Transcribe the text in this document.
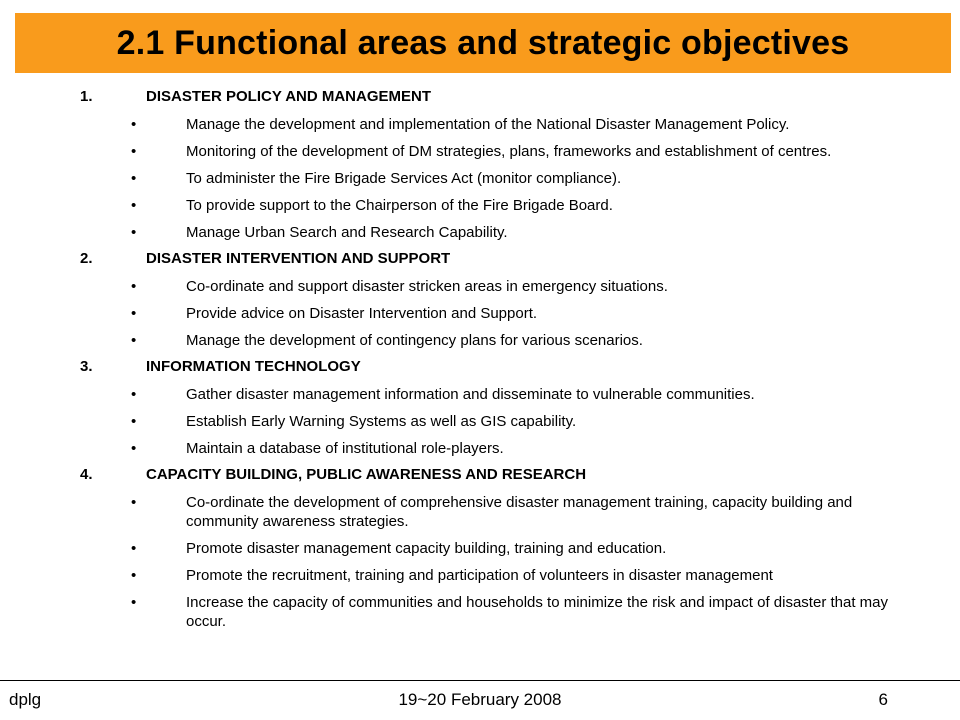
2.1 Functional areas and strategic objectives
1.	DISASTER POLICY AND MANAGEMENT
•	Manage the development and implementation of the National Disaster Management Policy.
•	Monitoring of the development of DM strategies, plans, frameworks and establishment of centres.
•	To administer the Fire Brigade Services Act (monitor compliance).
•	To provide support to the Chairperson of the Fire Brigade Board.
•	Manage Urban Search and Research Capability.
2.	DISASTER INTERVENTION AND SUPPORT
•	Co-ordinate and support disaster stricken areas in emergency situations.
•	Provide advice on Disaster Intervention and Support.
•	Manage the development of contingency plans for various scenarios.
3.	INFORMATION TECHNOLOGY
•	Gather disaster management information and disseminate to vulnerable communities.
•	Establish Early Warning Systems as well as GIS capability.
•	Maintain a database of institutional role-players.
4.	CAPACITY BUILDING, PUBLIC AWARENESS AND RESEARCH
•	Co-ordinate the development of comprehensive disaster management training, capacity building and community awareness strategies.
•	Promote disaster management capacity building, training and education.
•	Promote the recruitment, training and participation of volunteers in disaster management
•	Increase the capacity of communities and households to minimize the risk and impact of disaster that may occur.
dplg	19~20 February 2008	6
